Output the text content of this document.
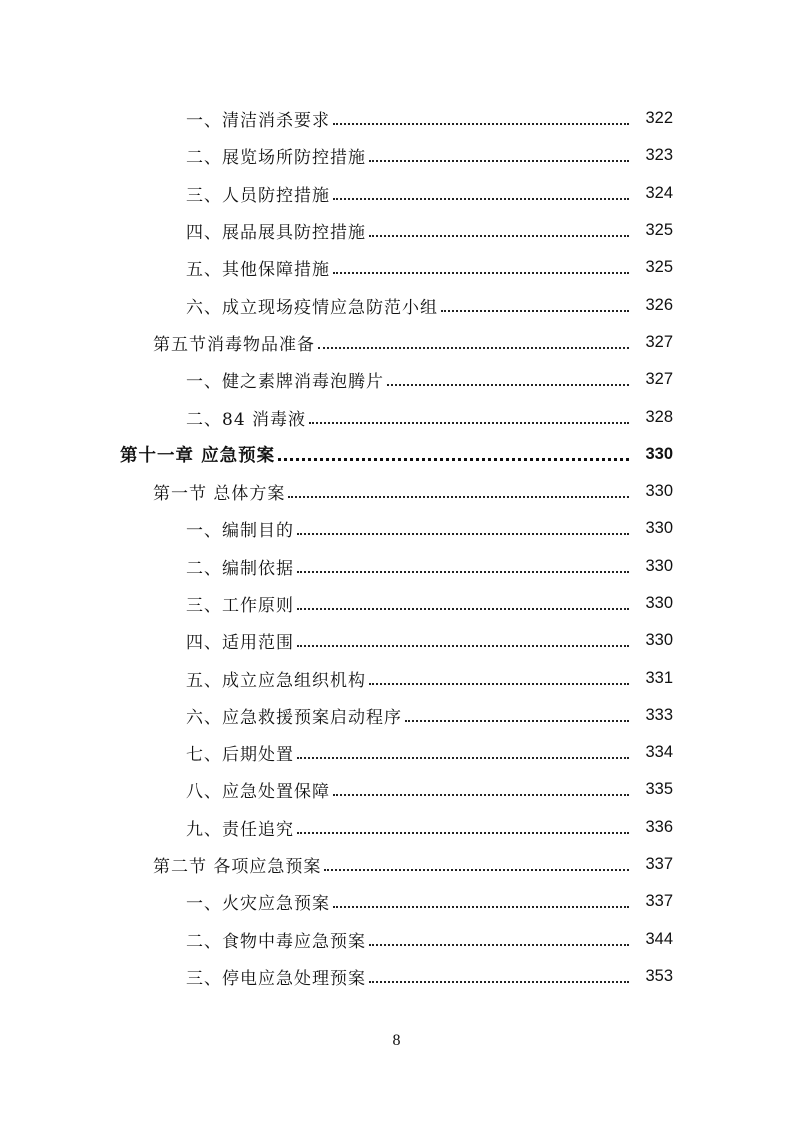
一、清洁消杀要求	322
二、展览场所防控措施	323
三、人员防控措施	324
四、展品展具防控措施	325
五、其他保障措施	325
六、成立现场疫情应急防范小组	326
第五节消毒物品准备	327
一、健之素牌消毒泡腾片	327
二、84 消毒液	328
第十一章 应急预案	330
第一节 总体方案	330
一、编制目的	330
二、编制依据	330
三、工作原则	330
四、适用范围	330
五、成立应急组织机构	331
六、应急救援预案启动程序	333
七、后期处置	334
八、应急处置保障	335
九、责任追究	336
第二节 各项应急预案	337
一、火灾应急预案	337
二、食物中毒应急预案	344
三、停电应急处理预案	353
8
